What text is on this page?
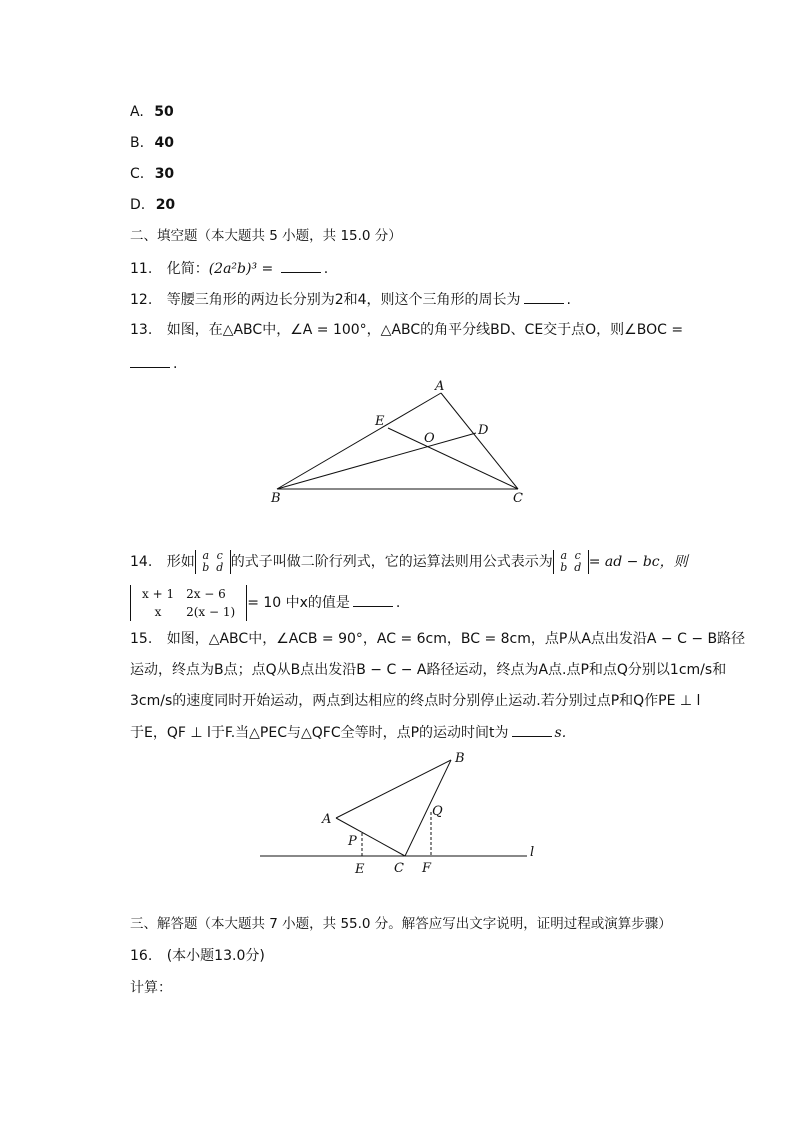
A. 50
B. 40
C. 30
D. 20
二、填空题（本大题共 5 小题，共 15.0 分）
11. 化简：(2a²b)³ =	.
12. 等腰三角形的两边长分别为2和4，则这个三角形的周长为	.
13. 如图，在△ABC中，∠A = 100°，△ABC的角平分线BD、CE交于点O，则∠BOC =
.
A
B	C
D
E
O
14. 形如 a c
b d 的式子叫做二阶行列式，它的运算法则用公式表示为 a c
b d = ad − bc，则
x + 1	2x − 6
x	2(x − 1)
= 10 中x的值是	.
15. 如图，△ABC中，∠ACB = 90°，AC = 6cm，BC = 8cm，点P从A点出发沿A − C − B路径
运动，终点为B点；点Q从B点出发沿B − C − A路径运动，终点为A点.点P和点Q分别以1cm/s和
3cm/s的速度同时开始运动，两点到达相应的终点时分别停止运动.若分别过点P和Q作PE ⊥ l
于E，QF ⊥ l于F.当△PEC与△QFC全等时，点P的运动时间t为	s.
A
B
C
P
Q
E	F
l
三、解答题（本大题共 7 小题，共 55.0 分。解答应写出文字说明，证明过程或演算步骤）
16. (本小题13.0分)
计算：
